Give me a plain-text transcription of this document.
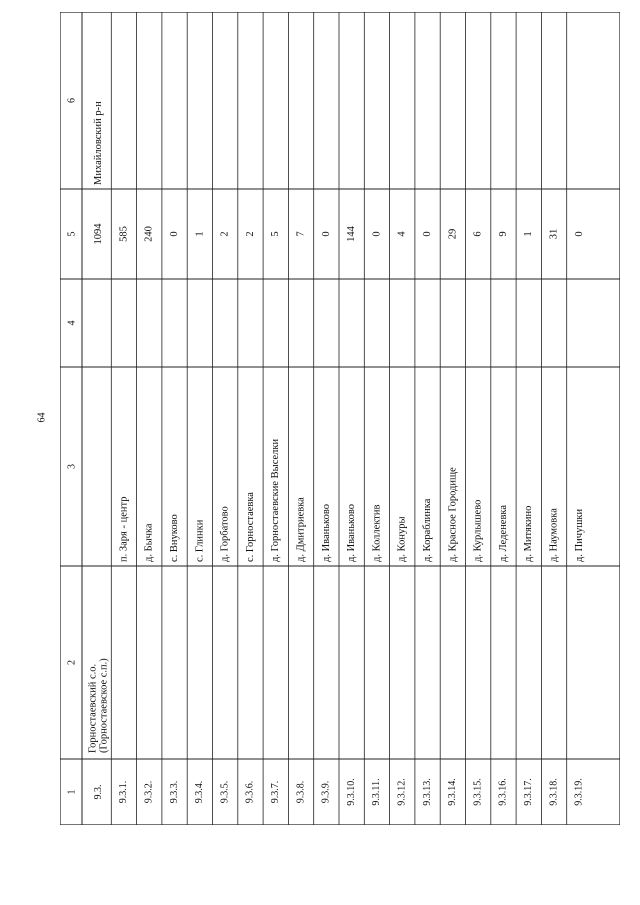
64
1
2
3
4
5
6
9.3.
Горностаевский с.о. (Горностаевское с.п.)
1094
Михайловский р-н
9.3.1.
п. Заря - центр
585
9.3.2.
д. Бычка
240
9.3.3.
с. Внуково
0
9.3.4.
с. Глинки
1
9.3.5.
д. Горбатово
2
9.3.6.
с. Горностаевка
2
9.3.7.
д. Горностаевские Выселки
5
9.3.8.
д. Дмитриевка
7
9.3.9.
д. Иваньково
0
9.3.10.
д. Иваньково
144
9.3.11.
д. Коллектив
0
9.3.12.
д. Конуры
4
9.3.13.
д. Кораблинка
0
9.3.14.
д. Красное Городище
29
9.3.15.
д. Курлышево
6
9.3.16.
д. Леденевка
9
9.3.17.
д. Митякино
1
9.3.18.
д. Наумовка
31
9.3.19.
д. Пичушки
0
